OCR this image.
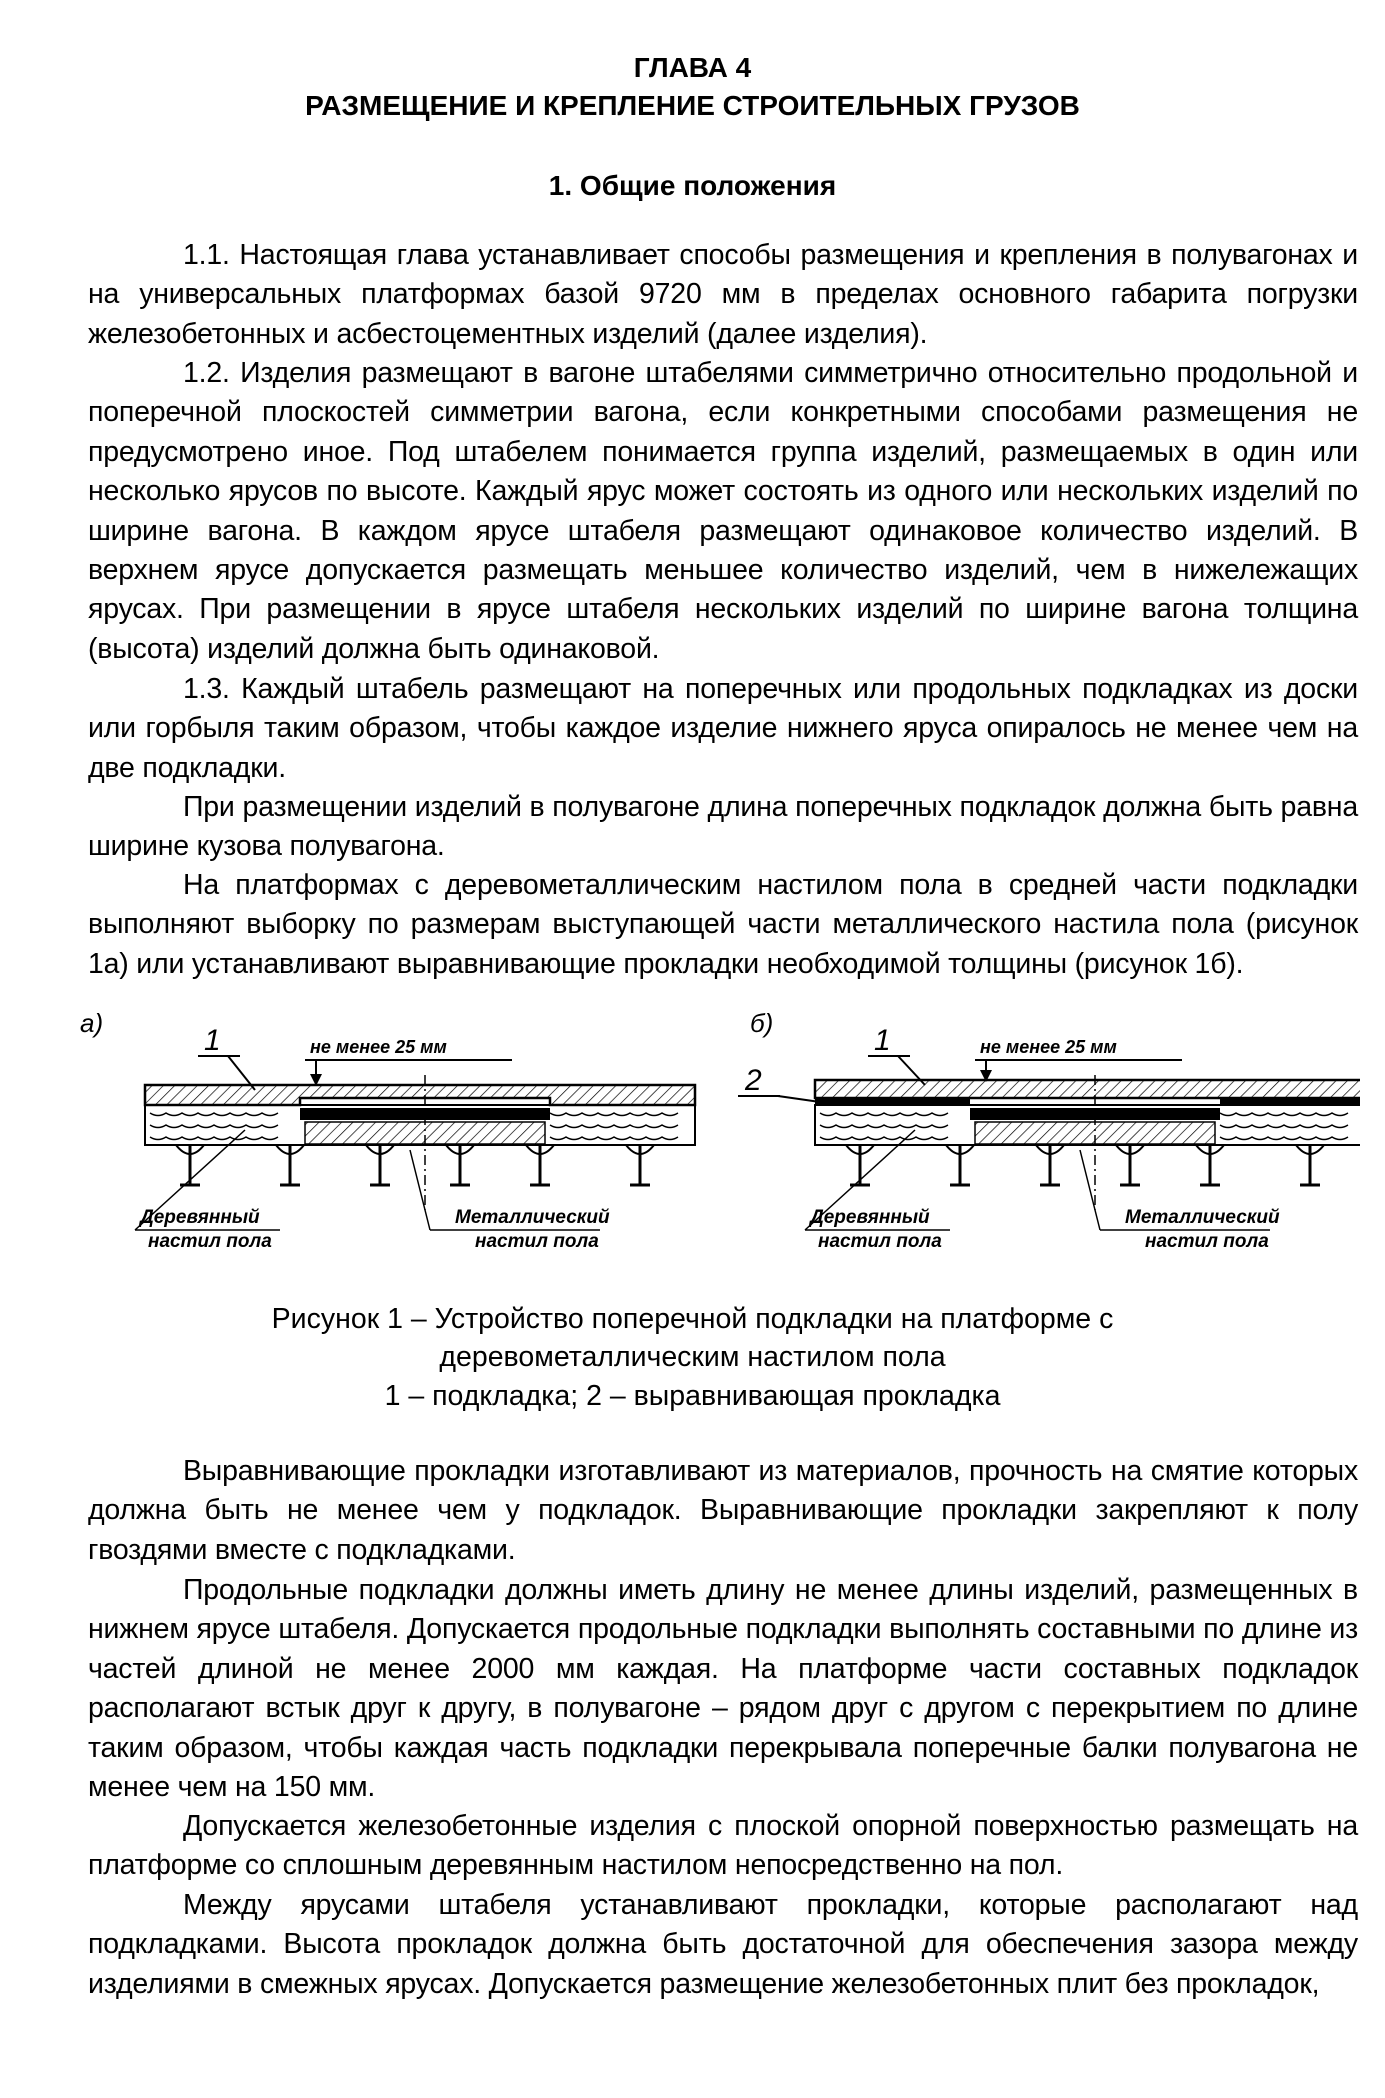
ГЛАВА 4
РАЗМЕЩЕНИЕ И КРЕПЛЕНИЕ СТРОИТЕЛЬНЫХ ГРУЗОВ
1. Общие положения

1.1. Настоящая глава устанавливает способы размещения и крепления в полувагонах и на универсальных платформах базой 9720 мм в пределах основного габарита погрузки железобетонных и асбестоцементных изделий (далее изделия).

1.2. Изделия размещают в вагоне штабелями симметрично относительно продольной и поперечной плоскостей симметрии вагона, если конкретными способами размещения не предусмотрено иное. Под штабелем понимается группа изделий, размещаемых в один или несколько ярусов по высоте. Каждый ярус может состоять из одного или нескольких изделий по ширине вагона. В каждом ярусе штабеля размещают одинаковое количество изделий. В верхнем ярусе допускается размещать меньшее количество изделий, чем в нижележащих ярусах. При размещении в ярусе штабеля нескольких изделий по ширине вагона толщина (высота) изделий должна быть одинаковой.

1.3. Каждый штабель размещают на поперечных или продольных подкладках из доски или горбыля таким образом, чтобы каждое изделие нижнего яруса опиралось не менее чем на две подкладки.

При размещении изделий в полувагоне длина поперечных подкладок должна быть равна ширине кузова полувагона.

На платформах с деревометаллическим настилом пола в средней части подкладки выполняют выборку по размерам выступающей части металлического настила пола (рисунок 1а) или устанавливают выравнивающие прокладки необходимой толщины (рисунок 1б).

а)
1	не менее 25 мм
Деревянный
настил пола
Металлический
настил пола
б)
2
1	не менее 25 мм
Деревянный
настил пола
Металлический
настил пола
Рисунок 1 – Устройство поперечной подкладки на платформе с
деревометаллическим настилом пола
1 – подкладка; 2 – выравнивающая прокладка

Выравнивающие прокладки изготавливают из материалов, прочность на смятие которых должна быть не менее чем у подкладок. Выравнивающие прокладки закрепляют к полу гвоздями вместе с подкладками.

Продольные подкладки должны иметь длину не менее длины изделий, размещенных в нижнем ярусе штабеля. Допускается продольные подкладки выполнять составными по длине из частей длиной не менее 2000 мм каждая. На платформе части составных подкладок располагают встык друг к другу, в полувагоне – рядом друг с другом с перекрытием по длине таким образом, чтобы каждая часть подкладки перекрывала поперечные балки полувагона не менее чем на 150 мм.

Допускается железобетонные изделия с плоской опорной поверхностью размещать на платформе со сплошным деревянным настилом непосредственно на пол.

Между ярусами штабеля устанавливают прокладки, которые располагают над подкладками. Высота прокладок должна быть достаточной для обеспечения зазора между изделиями в смежных ярусах. Допускается размещение железобетонных плит без прокладок,
